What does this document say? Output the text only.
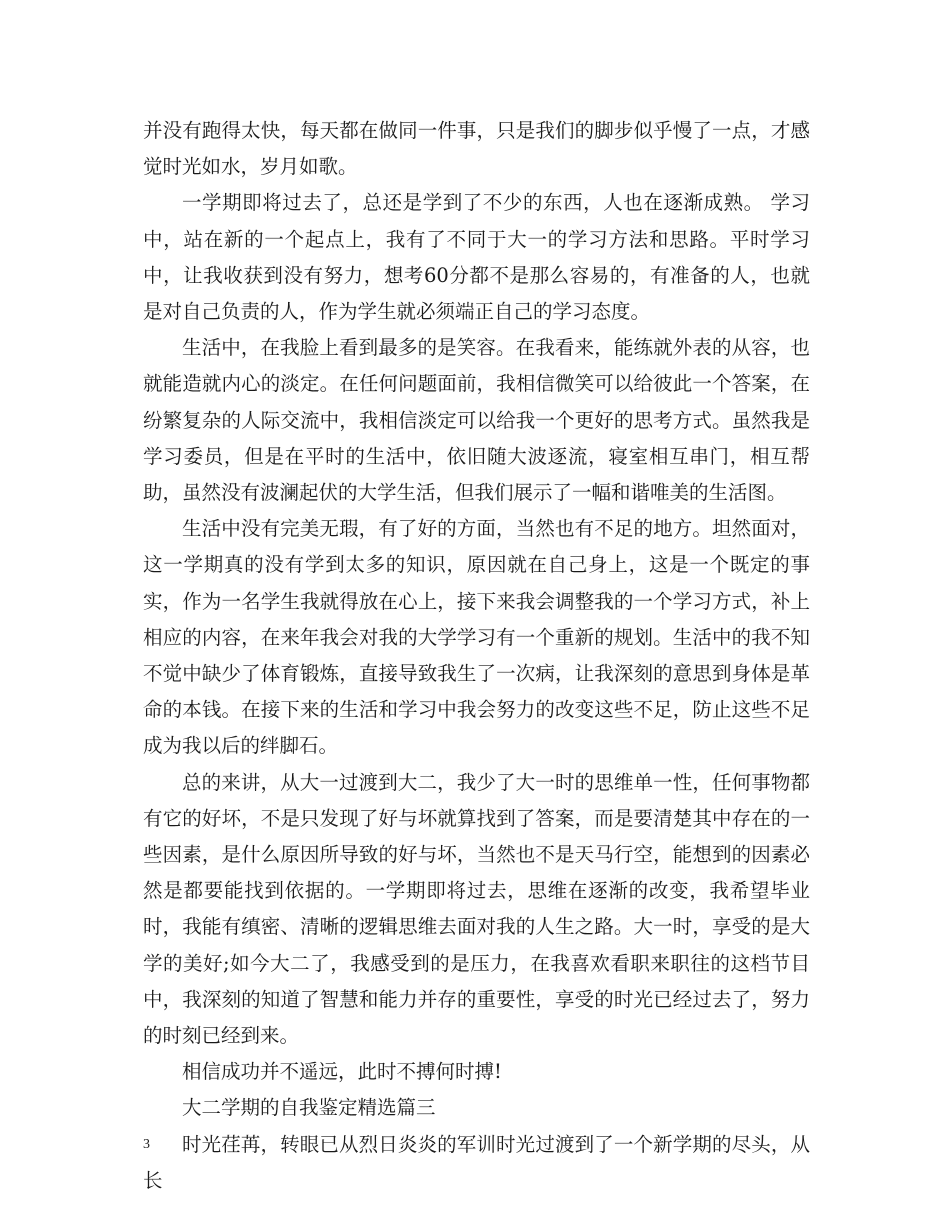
并没有跑得太快，每天都在做同一件事，只是我们的脚步似乎慢了一点，才感觉时光如水，岁月如歌。

一学期即将过去了，总还是学到了不少的东西，人也在逐渐成熟。 学习中，站在新的一个起点上，我有了不同于大一的学习方法和思路。平时学习中，让我收获到没有努力，想考60分都不是那么容易的，有准备的人，也就是对自己负责的人，作为学生就必须端正自己的学习态度。

生活中，在我脸上看到最多的是笑容。在我看来，能练就外表的从容，也就能造就内心的淡定。在任何问题面前，我相信微笑可以给彼此一个答案，在纷繁复杂的人际交流中，我相信淡定可以给我一个更好的思考方式。虽然我是学习委员，但是在平时的生活中，依旧随大波逐流，寝室相互串门，相互帮助，虽然没有波澜起伏的大学生活，但我们展示了一幅和谐唯美的生活图。

生活中没有完美无瑕，有了好的方面，当然也有不足的地方。坦然面对，这一学期真的没有学到太多的知识，原因就在自己身上，这是一个既定的事实，作为一名学生我就得放在心上，接下来我会调整我的一个学习方式，补上相应的内容，在来年我会对我的大学学习有一个重新的规划。生活中的我不知不觉中缺少了体育锻炼，直接导致我生了一次病，让我深刻的意思到身体是革命的本钱。在接下来的生活和学习中我会努力的改变这些不足，防止这些不足成为我以后的绊脚石。

总的来讲，从大一过渡到大二，我少了大一时的思维单一性，任何事物都有它的好坏，不是只发现了好与坏就算找到了答案，而是要清楚其中存在的一些因素，是什么原因所导致的好与坏，当然也不是天马行空，能想到的因素必然是都要能找到依据的。一学期即将过去，思维在逐渐的改变，我希望毕业时，我能有缜密、清晰的逻辑思维去面对我的人生之路。大一时，享受的是大学的美好;如今大二了，我感受到的是压力，在我喜欢看职来职往的这档节目中，我深刻的知道了智慧和能力并存的重要性，享受的时光已经过去了，努力的时刻已经到来。

相信成功并不遥远，此时不搏何时搏!

大二学期的自我鉴定精选篇三

时光荏苒，转眼已从烈日炎炎的军训时光过渡到了一个新学期的尽头，从长

3
